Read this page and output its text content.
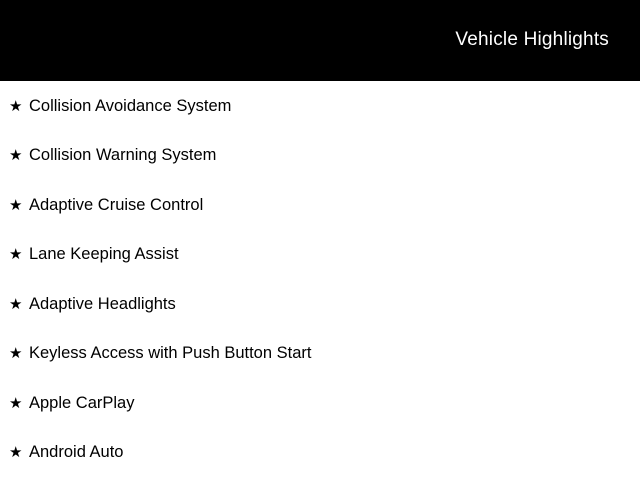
Vehicle Highlights
★ Collision Avoidance System
★ Collision Warning System
★ Adaptive Cruise Control
★ Lane Keeping Assist
★ Adaptive Headlights
★ Keyless Access with Push Button Start
★ Apple CarPlay
★ Android Auto
